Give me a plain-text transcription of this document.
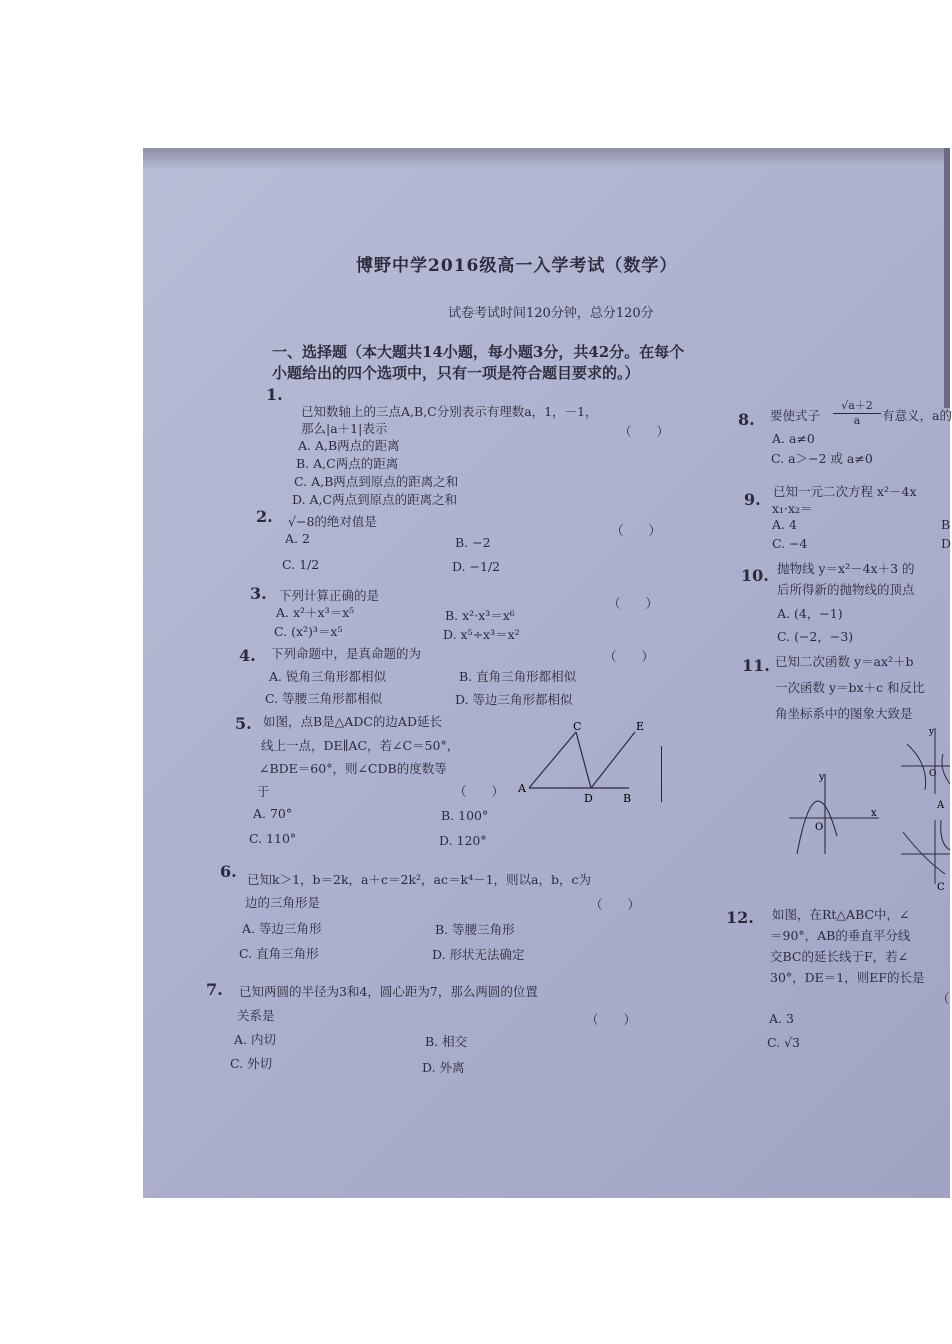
博野中学2016级高一入学考试（数学）
试卷考试时间120分钟，总分120分
一、选择题（本大题共14小题，每小题3分，共42分。在每个
小题给出的四个选项中，只有一项是符合题目要求的。）
1.
已知数轴上的三点A,B,C分别表示有理数a，1，－1，
那么|a＋1|表示	（　　）
A. A,B两点的距离
B. A,C两点的距离
C. A,B两点到原点的距离之和
D. A,C两点到原点的距离之和
2. √−8的绝对值是
（　　）
A. 2	B. −2
C. 1/2	D. −1/2
3. 下列计算正确的是
（　　）
A. x²＋x³＝x⁵	B. x²·x³＝x⁶
C. (x²)³＝x⁵	D. x⁵÷x³＝x²
4. 下列命题中，是真命题的为	（　　）
A. 锐角三角形都相似	B. 直角三角形都相似
C. 等腰三角形都相似	D. 等边三角形都相似
5. 如图，点B是△ADC的边AD延长
线上一点，DE∥AC，若∠C＝50°，
∠BDE＝60°，则∠CDB的度数等
于	（　　）
A. 70°	B. 100°
C. 110°	D. 120°
C	E
A
D	B
6. 已知k＞1，b＝2k，a＋c＝2k²，ac＝k⁴－1，则以a，b，c为
边的三角形是	（　　）
A. 等边三角形	B. 等腰三角形
C. 直角三角形	D. 形状无法确定
7. 已知两圆的半径为3和4，圆心距为7，那么两圆的位置
关系是	（　　）
A. 内切	B. 相交
C. 外切	D. 外离
8. 要使式子 $\frac{√a+2}{a}$ 有意义，a的
A. a≠0
C. a＞−2 或 a≠0
9. 已知一元二次方程 x²－4x
x₁·x₂＝
A. 4	B
C. −4	D
10. 抛物线 y＝x²－4x＋3 的
后所得新的抛物线的顶点
A. (4，−1)
C. (−2，−3)
11. 已知二次函数 y＝ax²＋b
一次函数 y＝bx＋c 和反比
角坐标系中的图象大致是
y
x
O
y
O
A
C
12. 如图，在Rt△ABC中，∠
＝90°，AB的垂直平分线
交BC的延长线于F，若∠
30°，DE＝1，则EF的长是
（
A. 3
C. √3
